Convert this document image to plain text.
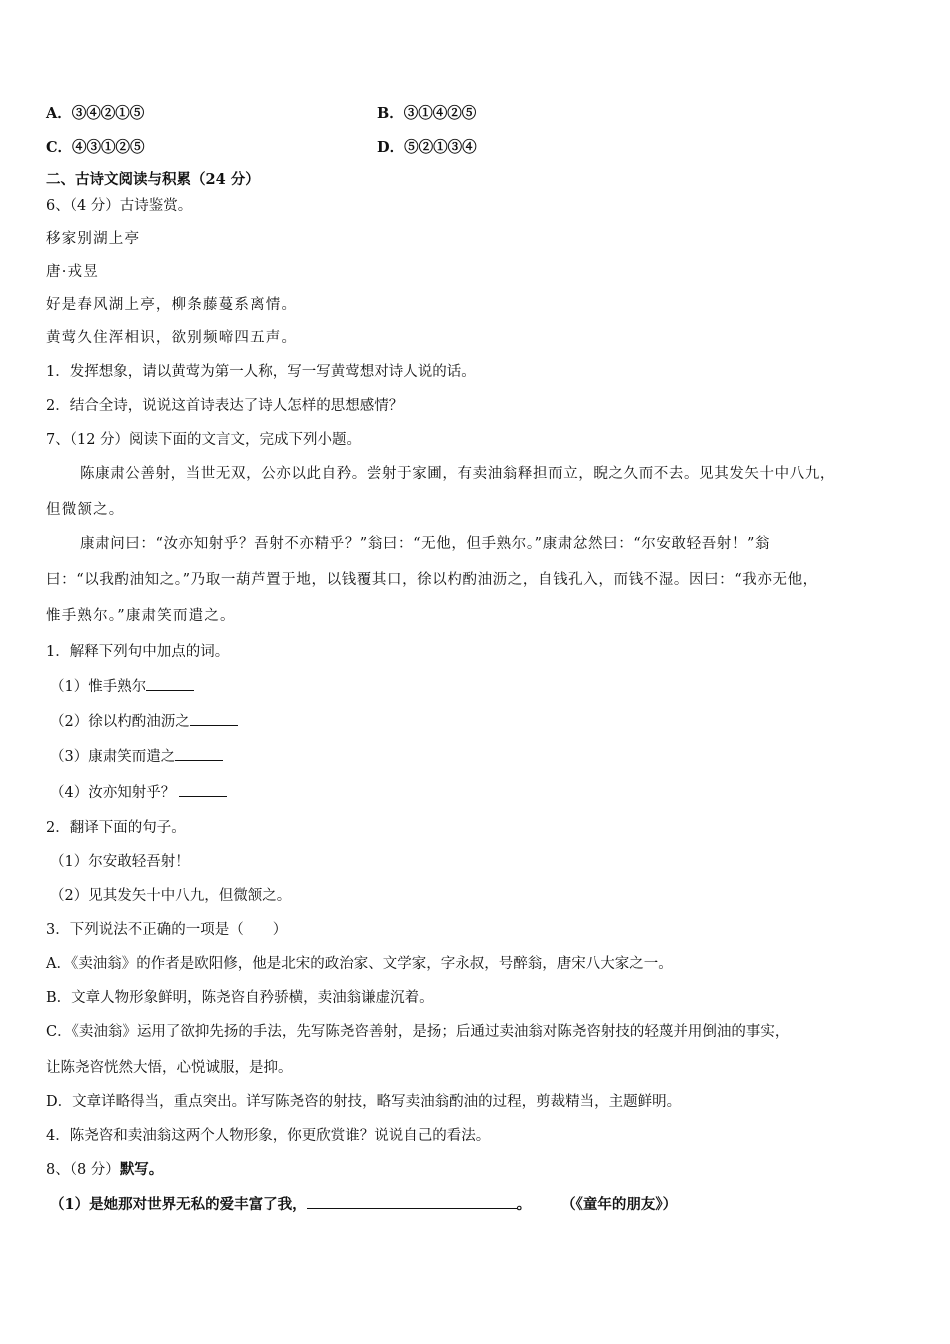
A．③④②①⑤	B．③①④②⑤
C．④③①②⑤	D．⑤②①③④
二、古诗文阅读与积累（24 分）
6、（4 分）古诗鉴赏。
移家别湖上亭
唐·戎昱
好是春风湖上亭，柳条藤蔓系离情。
黄莺久住浑相识，欲别频啼四五声。
1．发挥想象，请以黄莺为第一人称，写一写黄莺想对诗人说的话。
2．结合全诗，说说这首诗表达了诗人怎样的思想感情？
7、（12 分）阅读下面的文言文，完成下列小题。
陈康肃公善射，当世无双，公亦以此自矜。尝射于家圃，有卖油翁释担而立，睨之久而不去。见其发矢十中八九，
但微颔之。
康肃问曰：“汝亦知射乎？吾射不亦精乎？”翁曰：“无他，但手熟尔。”康肃忿然曰：“尔安敢轻吾射！”翁
曰：“以我酌油知之。”乃取一葫芦置于地，以钱覆其口，徐以杓酌油沥之，自钱孔入，而钱不湿。因曰：“我亦无他，
惟手熟尔。”康肃笑而遣之。
1．解释下列句中加点的词。
（1）惟手熟尔
（2）徐以杓酌油沥之
（3）康肃笑而遣之
（4）汝亦知射乎？
2．翻译下面的句子。
（1）尔安敢轻吾射！
（2）见其发矢十中八九，但微颔之。
3．下列说法不正确的一项是（　　）
A．《卖油翁》的作者是欧阳修，他是北宋的政治家、文学家，字永叔，号醉翁，唐宋八大家之一。
B．文章人物形象鲜明，陈尧咨自矜骄横，卖油翁谦虚沉着。
C．《卖油翁》运用了欲抑先扬的手法，先写陈尧咨善射，是扬；后通过卖油翁对陈尧咨射技的轻蔑并用倒油的事实，
让陈尧咨恍然大悟，心悦诚服，是抑。
D．文章详略得当，重点突出。详写陈尧咨的射技，略写卖油翁酌油的过程，剪裁精当，主题鲜明。
4．陈尧咨和卖油翁这两个人物形象，你更欣赏谁？说说自己的看法。
8、（8 分）默写。
（1）是她那对世界无私的爱丰富了我，	。 （《童年的朋友》）
